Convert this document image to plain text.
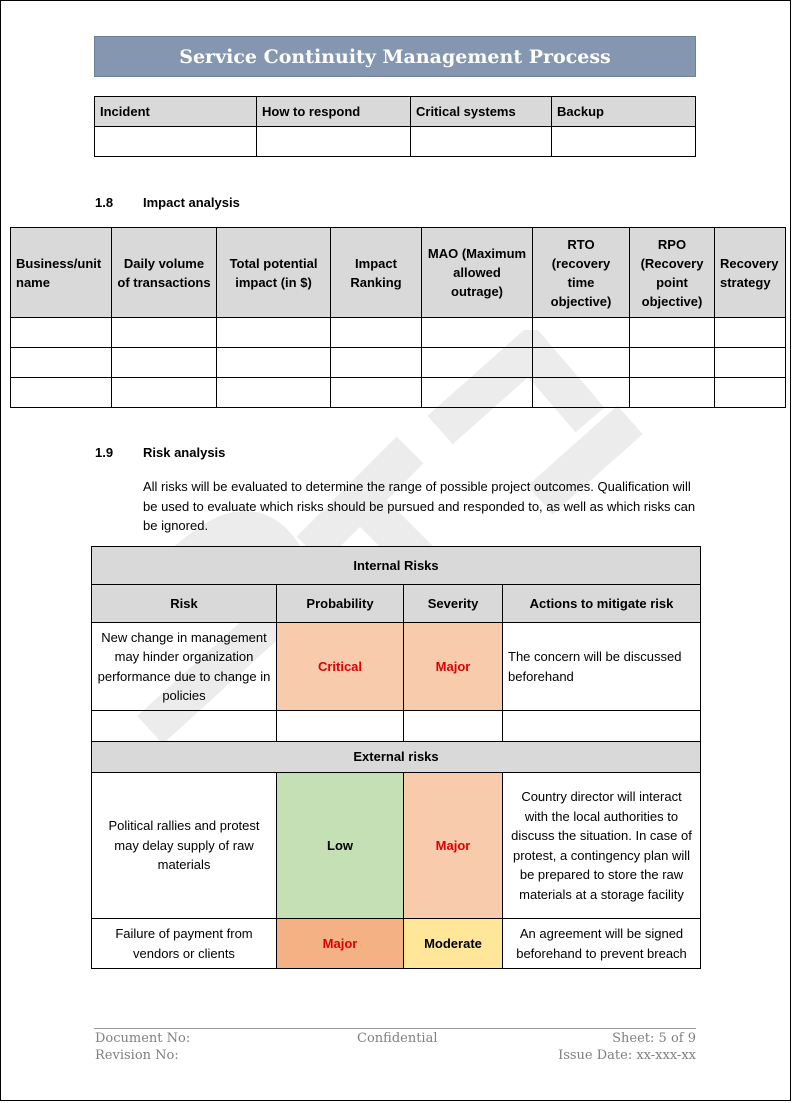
Service Continuity Management Process
Incident	How to respond	Critical systems	Backup

1.8 Impact analysis
Business/unit name	Daily volume of transactions	Total potential impact (in $)	Impact Ranking	MAO (Maximum allowed outrage)	RTO (recovery time objective)	RPO (Recovery point objective)	Recovery strategy

1.9 Risk analysis
All risks will be evaluated to determine the range of possible project outcomes. Qualification will be used to evaluate which risks should be pursued and responded to, as well as which risks can be ignored.
Internal Risks			
Risk	Probability	Severity	Actions to mitigate risk
New change in management may hinder organization performance due to change in policies	Critical	Major	The concern will be discussed beforehand

External risks			
Political rallies and protest may delay supply of raw materials	Low	Major	Country director will interact with the local authorities to discuss the situation. In case of protest, a contingency plan will be prepared to store the raw materials at a storage facility
Failure of payment from vendors or clients	Major	Moderate	An agreement will be signed beforehand to prevent breach
Document No:
Revision No:
Confidential	Sheet: 5 of 9
Issue Date: xx-xxx-xx
